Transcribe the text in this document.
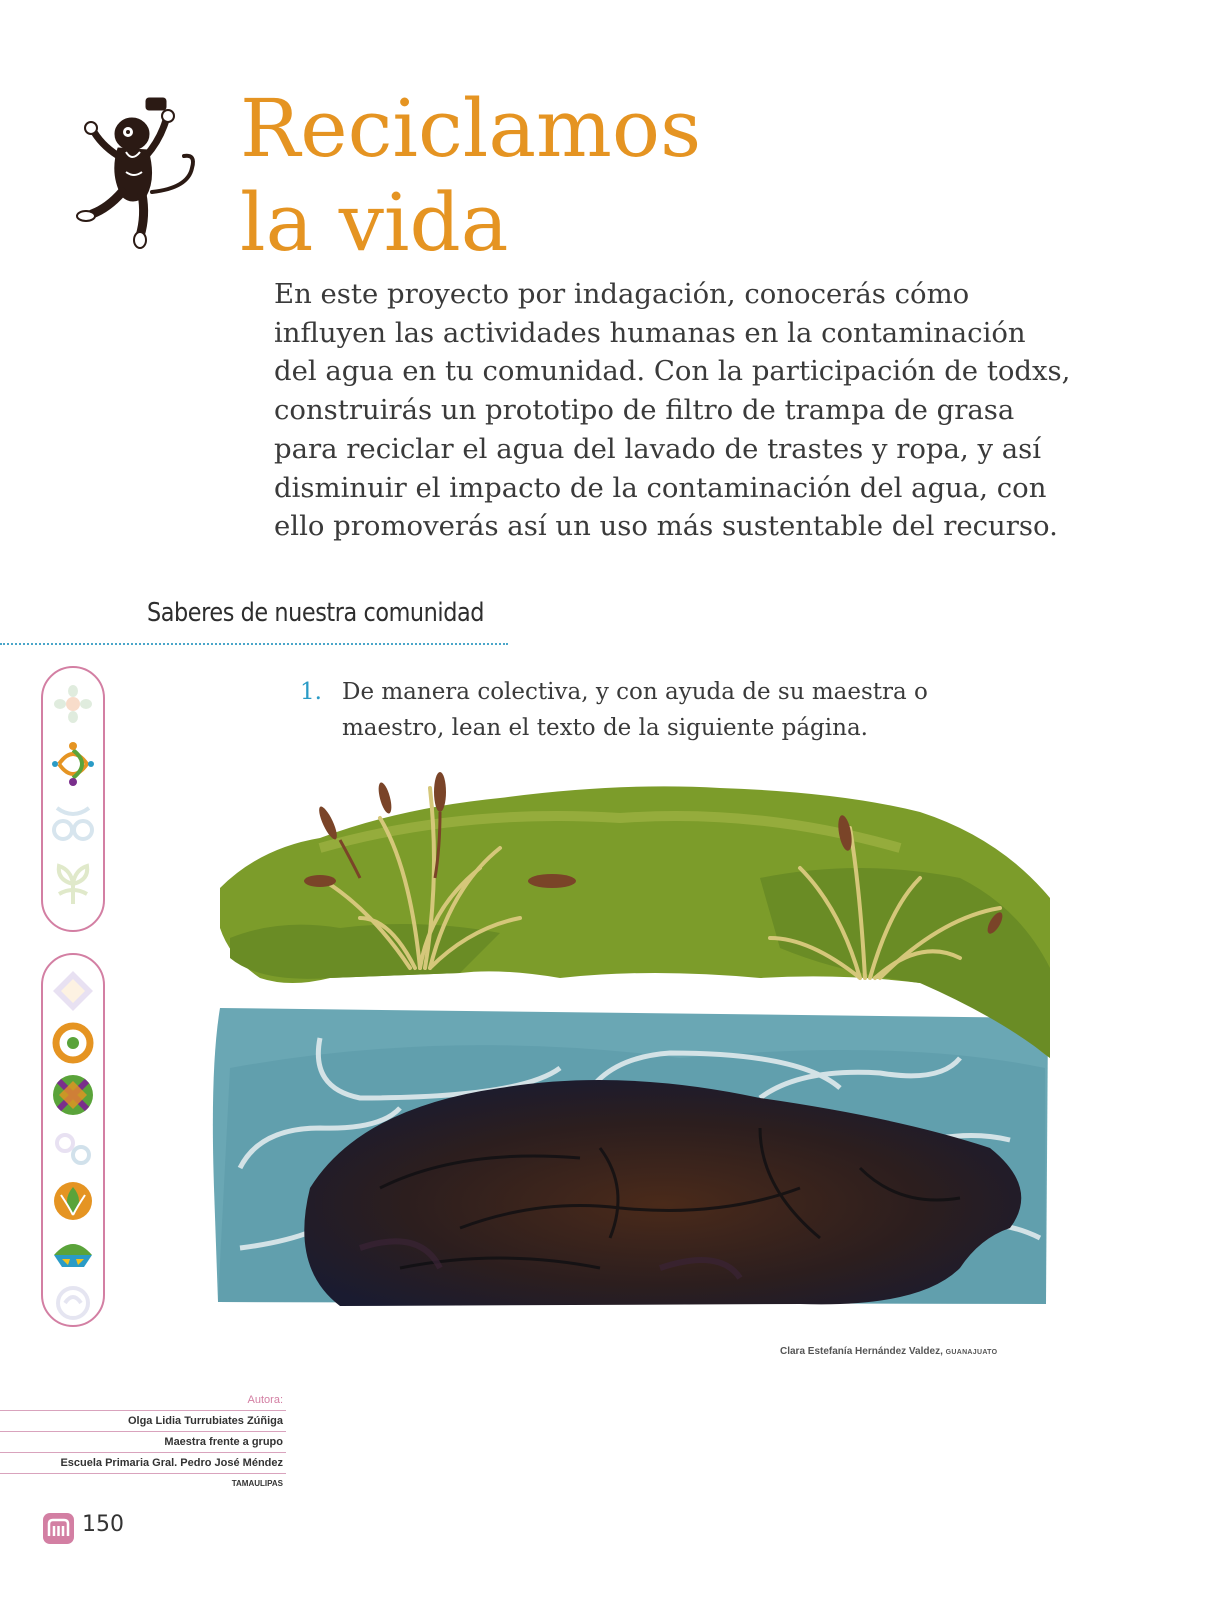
Reciclamos
la vida

En este proyecto por indagación, conocerás cómo influyen las actividades humanas en la contaminación del agua en tu comunidad. Con la participación de todxs, construirás un prototipo de filtro de trampa de grasa para reciclar el agua del lavado de trastes y ropa, y así disminuir el impacto de la contaminación del agua, con ello promoverás así un uso más sustentable del recurso.

Saberes de nuestra comunidad
1. De manera colectiva, y con ayuda de su maestra o maestro, lean el texto de la siguiente página.

Clara Estefanía Hernández Valdez, GUANAJUATO

Autora:
Olga Lidia Turrubiates Zúñiga
Maestra frente a grupo
Escuela Primaria Gral. Pedro José Méndez
TAMAULIPAS
150
